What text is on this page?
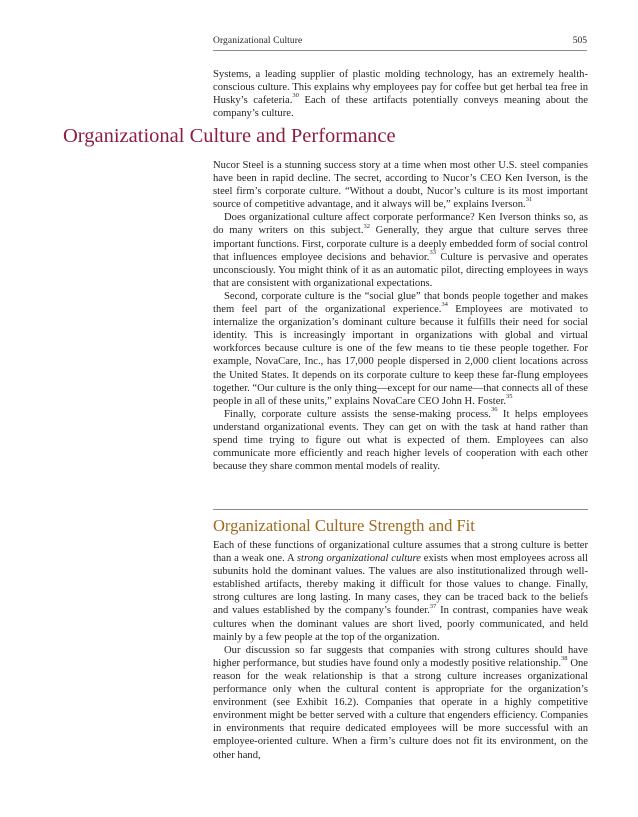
Organizational Culture	505

Systems, a leading supplier of plastic molding technology, has an extremely health-conscious culture. This explains why employees pay for coffee but get herbal tea free in Husky’s cafeteria.$^{30}$ Each of these artifacts potentially conveys meaning about the company’s culture.

Organizational Culture and Performance

Nucor Steel is a stunning success story at a time when most other U.S. steel companies have been in rapid decline. The secret, according to Nucor’s CEO Ken Iverson, is the steel firm’s corporate culture. “Without a doubt, Nucor’s culture is its most important source of competitive advantage, and it always will be,” explains Iverson.$^{31}$

Does organizational culture affect corporate performance? Ken Iverson thinks so, as do many writers on this subject.$^{32}$ Generally, they argue that culture serves three important functions. First, corporate culture is a deeply embedded form of social control that influences employee decisions and behavior.$^{33}$ Culture is pervasive and operates unconsciously. You might think of it as an automatic pilot, directing employees in ways that are consistent with organizational expectations.

Second, corporate culture is the “social glue” that bonds people together and makes them feel part of the organizational experience.$^{34}$ Employees are motivated to internalize the organization’s dominant culture because it fulfills their need for social identity. This is increasingly important in organizations with global and virtual workforces because culture is one of the few means to tie these people together. For example, NovaCare, Inc., has 17,000 people dispersed in 2,000 client locations across the United States. It depends on its corporate culture to keep these far-flung employees together. “Our culture is the only thing—except for our name—that connects all of these people in all of these units,” explains NovaCare CEO John H. Foster.$^{35}$

Finally, corporate culture assists the sense-making process.$^{36}$ It helps employees understand organizational events. They can get on with the task at hand rather than spend time trying to figure out what is expected of them. Employees can also communicate more efficiently and reach higher levels of cooperation with each other because they share common mental models of reality.

Organizational Culture Strength and Fit

Each of these functions of organizational culture assumes that a strong culture is better than a weak one. A strong organizational culture exists when most employees across all subunits hold the dominant values. The values are also institutionalized through well-established artifacts, thereby making it difficult for those values to change. Finally, strong cultures are long lasting. In many cases, they can be traced back to the beliefs and values established by the company’s founder.$^{37}$ In contrast, companies have weak cultures when the dominant values are short lived, poorly communicated, and held mainly by a few people at the top of the organization.

Our discussion so far suggests that companies with strong cultures should have higher performance, but studies have found only a modestly positive relationship.$^{38}$ One reason for the weak relationship is that a strong culture increases organizational performance only when the cultural content is appropriate for the organization’s environment (see Exhibit 16.2). Companies that operate in a highly competitive environment might be better served with a culture that engenders efficiency. Companies in environments that require dedicated employees will be more successful with an employee-oriented culture. When a firm’s culture does not fit its environment, on the other hand,
